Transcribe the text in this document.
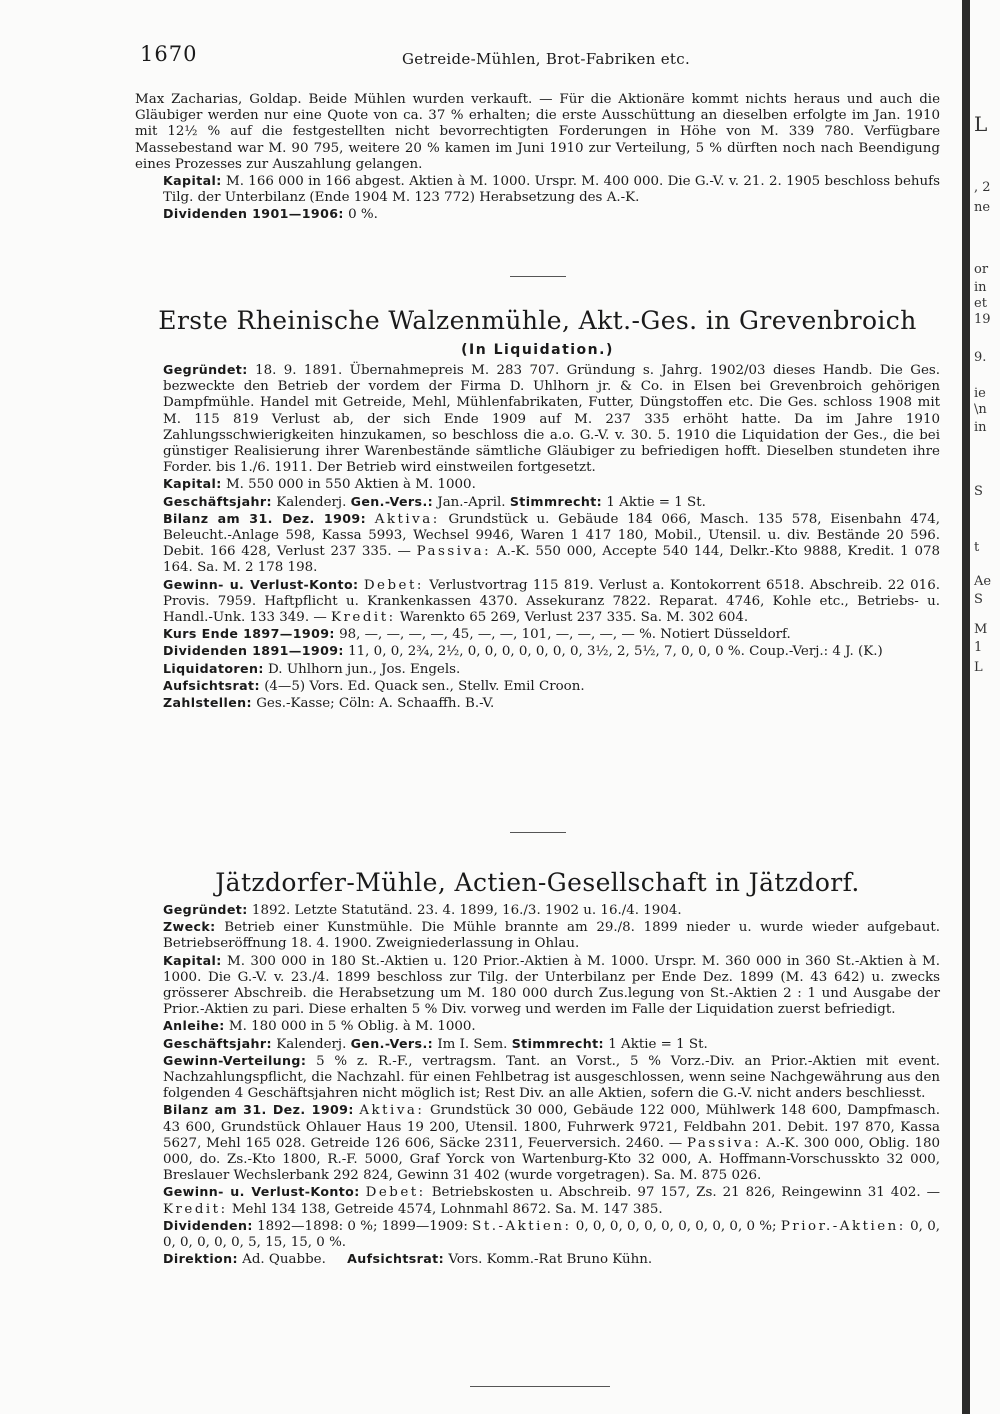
L
, 2
ne
or
in
et
19
9.
ie
\n
in
S
t
Ae
S
M
1
L
1670	Getreide-Mühlen, Brot-Fabriken etc.

Max Zacharias, Goldap. Beide Mühlen wurden verkauft. — Für die Aktionäre kommt nichts heraus und auch die Gläubiger werden nur eine Quote von ca. 37 % erhalten; die erste Ausschüttung an dieselben erfolgte im Jan. 1910 mit 12½ % auf die festgestellten nicht bevorrechtigten Forderungen in Höhe von M. 339 780. Verfügbare Massebestand war M. 90 795, weitere 20 % kamen im Juni 1910 zur Verteilung, 5 % dürften noch nach Beendigung eines Prozesses zur Auszahlung gelangen.

Kapital: M. 166 000 in 166 abgest. Aktien à M. 1000. Urspr. M. 400 000. Die G.-V. v. 21. 2. 1905 beschloss behufs Tilg. der Unterbilanz (Ende 1904 M. 123 772) Herabsetzung des A.-K.

Dividenden 1901—1906: 0 %.

Erste Rheinische Walzenmühle, Akt.-Ges. in Grevenbroich
(In Liquidation.)

Gegründet: 18. 9. 1891. Übernahmepreis M. 283 707. Gründung s. Jahrg. 1902/03 dieses Handb. Die Ges. bezweckte den Betrieb der vordem der Firma D. Uhlhorn jr. & Co. in Elsen bei Grevenbroich gehörigen Dampfmühle. Handel mit Getreide, Mehl, Mühlenfabrikaten, Futter, Düngstoffen etc. Die Ges. schloss 1908 mit M. 115 819 Verlust ab, der sich Ende 1909 auf M. 237 335 erhöht hatte. Da im Jahre 1910 Zahlungsschwierigkeiten hinzukamen, so beschloss die a.o. G.-V. v. 30. 5. 1910 die Liquidation der Ges., die bei günstiger Realisierung ihrer Warenbestände sämtliche Gläubiger zu befriedigen hofft. Dieselben stundeten ihre Forder. bis 1./6. 1911. Der Betrieb wird einstweilen fortgesetzt.

Kapital: M. 550 000 in 550 Aktien à M. 1000.

Geschäftsjahr: Kalenderj. Gen.-Vers.: Jan.-April. Stimmrecht: 1 Aktie = 1 St.

Bilanz am 31. Dez. 1909: Aktiva: Grundstück u. Gebäude 184 066, Masch. 135 578, Eisenbahn 474, Beleucht.-Anlage 598, Kassa 5993, Wechsel 9946, Waren 1 417 180, Mobil., Utensil. u. div. Bestände 20 596. Debit. 166 428, Verlust 237 335. — Passiva: A.-K. 550 000, Accepte 540 144, Delkr.-Kto 9888, Kredit. 1 078 164. Sa. M. 2 178 198.

Gewinn- u. Verlust-Konto: Debet: Verlustvortrag 115 819. Verlust a. Kontokorrent 6518. Abschreib. 22 016. Provis. 7959. Haftpflicht u. Krankenkassen 4370. Assekuranz 7822. Reparat. 4746, Kohle etc., Betriebs- u. Handl.-Unk. 133 349. — Kredit: Warenkto 65 269, Verlust 237 335. Sa. M. 302 604.

Kurs Ende 1897—1909: 98, —, —, —, —, 45, —, —, 101, —, —, —, — %. Notiert Düsseldorf.

Dividenden 1891—1909: 11, 0, 0, 2¾, 2½, 0, 0, 0, 0, 0, 0, 0, 3½, 2, 5½, 7, 0, 0, 0 %. Coup.-Verj.: 4 J. (K.)

Liquidatoren: D. Uhlhorn jun., Jos. Engels.

Aufsichtsrat: (4—5) Vors. Ed. Quack sen., Stellv. Emil Croon.

Zahlstellen: Ges.-Kasse; Cöln: A. Schaaffh. B.-V.

Jätzdorfer-Mühle, Actien-Gesellschaft in Jätzdorf.

Gegründet: 1892. Letzte Statutänd. 23. 4. 1899, 16./3. 1902 u. 16./4. 1904.

Zweck: Betrieb einer Kunstmühle. Die Mühle brannte am 29./8. 1899 nieder u. wurde wieder aufgebaut. Betriebseröffnung 18. 4. 1900. Zweigniederlassung in Ohlau.

Kapital: M. 300 000 in 180 St.-Aktien u. 120 Prior.-Aktien à M. 1000. Urspr. M. 360 000 in 360 St.-Aktien à M. 1000. Die G.-V. v. 23./4. 1899 beschloss zur Tilg. der Unterbilanz per Ende Dez. 1899 (M. 43 642) u. zwecks grösserer Abschreib. die Herabsetzung um M. 180 000 durch Zus.legung von St.-Aktien 2 : 1 und Ausgabe der Prior.-Aktien zu pari. Diese erhalten 5 % Div. vorweg und werden im Falle der Liquidation zuerst befriedigt.

Anleihe: M. 180 000 in 5 % Oblig. à M. 1000.

Geschäftsjahr: Kalenderj. Gen.-Vers.: Im I. Sem. Stimmrecht: 1 Aktie = 1 St.

Gewinn-Verteilung: 5 % z. R.-F., vertragsm. Tant. an Vorst., 5 % Vorz.-Div. an Prior.-Aktien mit event. Nachzahlungspflicht, die Nachzahl. für einen Fehlbetrag ist ausgeschlossen, wenn seine Nachgewährung aus den folgenden 4 Geschäftsjahren nicht möglich ist; Rest Div. an alle Aktien, sofern die G.-V. nicht anders beschliesst.

Bilanz am 31. Dez. 1909: Aktiva: Grundstück 30 000, Gebäude 122 000, Mühlwerk 148 600, Dampfmasch. 43 600, Grundstück Ohlauer Haus 19 200, Utensil. 1800, Fuhrwerk 9721, Feldbahn 201. Debit. 197 870, Kassa 5627, Mehl 165 028. Getreide 126 606, Säcke 2311, Feuerversich. 2460. — Passiva: A.-K. 300 000, Oblig. 180 000, do. Zs.-Kto 1800, R.-F. 5000, Graf Yorck von Wartenburg-Kto 32 000, A. Hoffmann-Vorschusskto 32 000, Breslauer Wechslerbank 292 824, Gewinn 31 402 (wurde vorgetragen). Sa. M. 875 026.

Gewinn- u. Verlust-Konto: Debet: Betriebskosten u. Abschreib. 97 157, Zs. 21 826, Reingewinn 31 402. — Kredit: Mehl 134 138, Getreide 4574, Lohnmahl 8672. Sa. M. 147 385.

Dividenden: 1892—1898: 0 %; 1899—1909: St.-Aktien: 0, 0, 0, 0, 0, 0, 0, 0, 0, 0, 0 %; Prior.-Aktien: 0, 0, 0, 0, 0, 0, 0, 5, 15, 15, 0 %.

Direktion: Ad. Quabbe. Aufsichtsrat: Vors. Komm.-Rat Bruno Kühn.
